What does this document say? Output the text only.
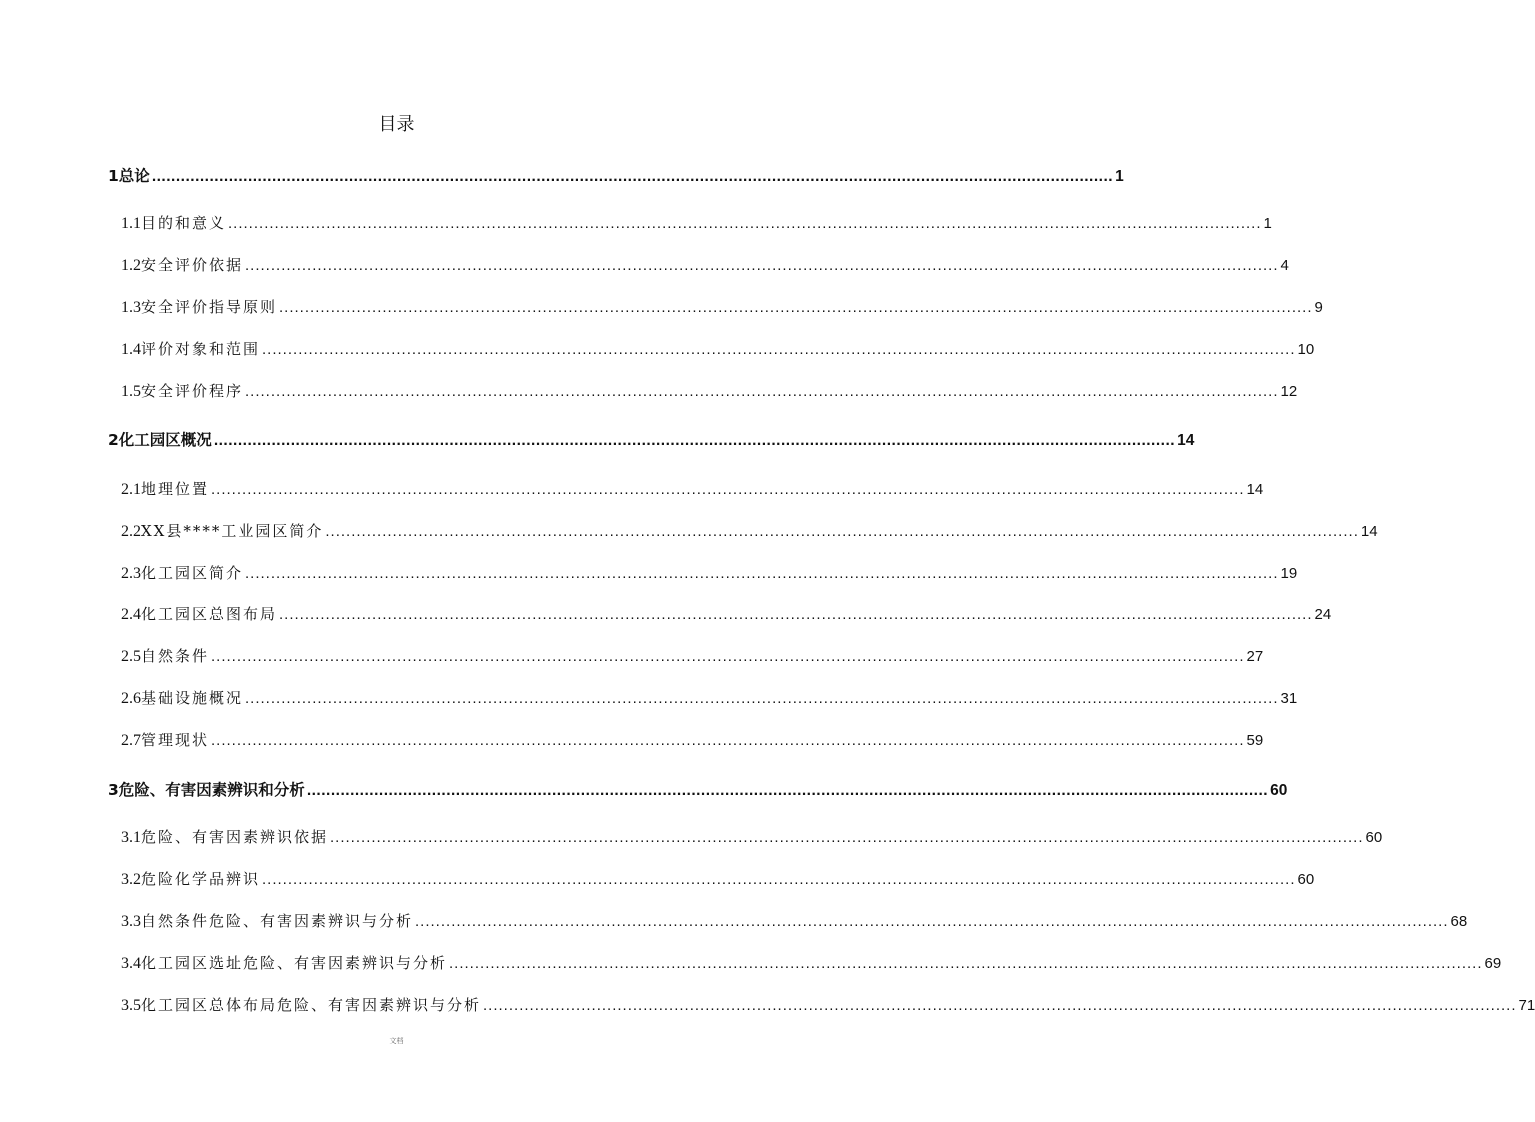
目录
1 总论 ........................................................................................................................................................................................................ 1
1.1 目的和意义 ........................................................................................................................................................................................................ 1
1.2 安全评价依据 ........................................................................................................................................................................................................ 4
1.3 安全评价指导原则 ........................................................................................................................................................................................................ 9
1.4 评价对象和范围 ........................................................................................................................................................................................................ 10
1.5 安全评价程序 ........................................................................................................................................................................................................ 12
2 化工园区概况 ........................................................................................................................................................................................................ 14
2.1 地理位置 ........................................................................................................................................................................................................ 14
2.2 XX县****工业园区简介 ........................................................................................................................................................................................................ 14
2.3 化工园区简介 ........................................................................................................................................................................................................ 19
2.4 化工园区总图布局 ........................................................................................................................................................................................................ 24
2.5 自然条件 ........................................................................................................................................................................................................ 27
2.6 基础设施概况 ........................................................................................................................................................................................................ 31
2.7 管理现状 ........................................................................................................................................................................................................ 59
3 危险、有害因素辨识和分析 ........................................................................................................................................................................................................ 60
3.1 危险、有害因素辨识依据 ........................................................................................................................................................................................................ 60
3.2 危险化学品辨识 ........................................................................................................................................................................................................ 60
3.3 自然条件危险、有害因素辨识与分析 ........................................................................................................................................................................................................ 68
3.4 化工园区选址危险、有害因素辨识与分析 ........................................................................................................................................................................................................ 69
3.5 化工园区总体布局危险、有害因素辨识与分析 ........................................................................................................................................................................................................ 71
文档
